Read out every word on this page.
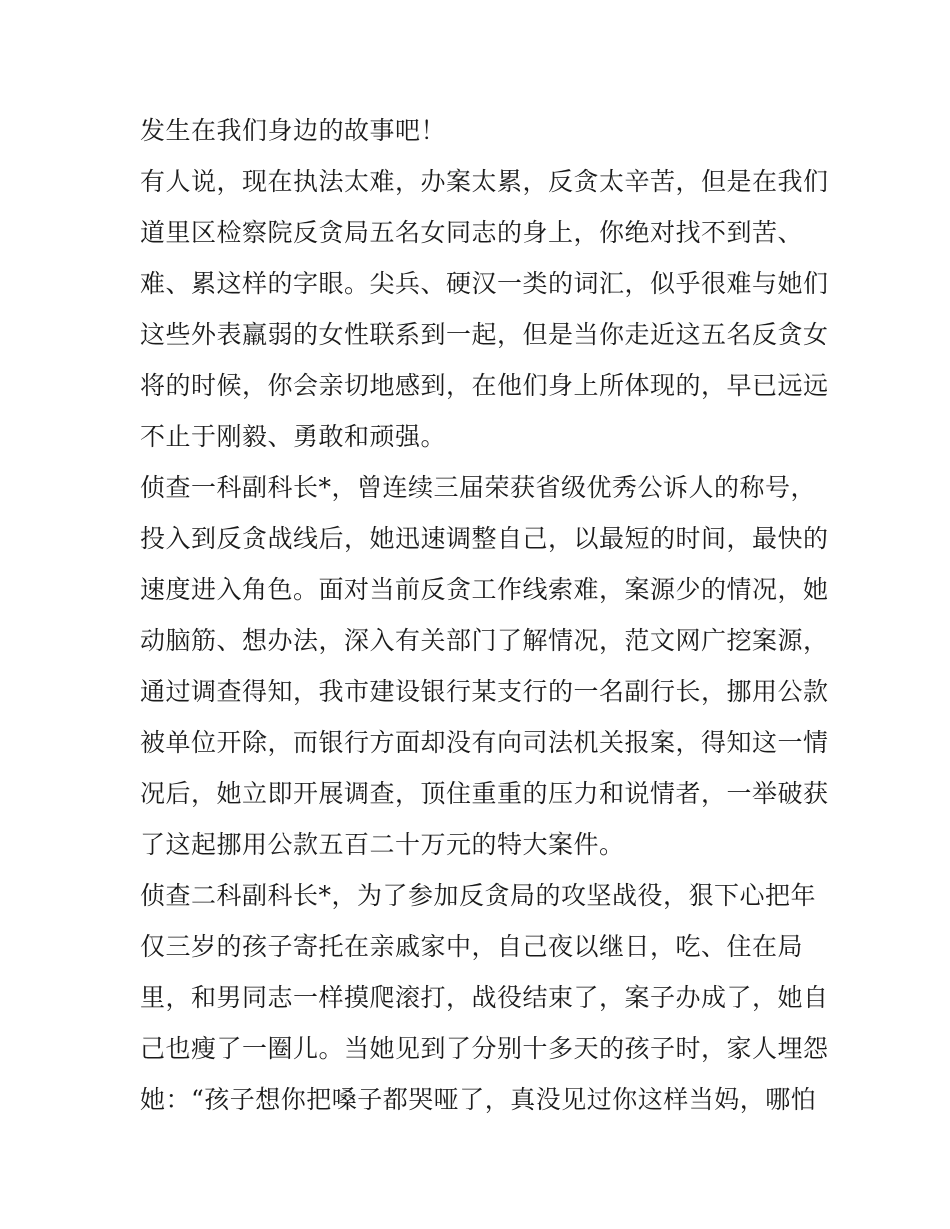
发生在我们身边的故事吧！
有人说，现在执法太难，办案太累，反贪太辛苦，但是在我们
道里区检察院反贪局五名女同志的身上，你绝对找不到苦、
难、累这样的字眼。尖兵、硬汉一类的词汇，似乎很难与她们
这些外表羸弱的女性联系到一起，但是当你走近这五名反贪女
将的时候，你会亲切地感到，在他们身上所体现的，早已远远
不止于刚毅、勇敢和顽强。
侦查一科副科长*，曾连续三届荣获省级优秀公诉人的称号，
投入到反贪战线后，她迅速调整自己，以最短的时间，最快的
速度进入角色。面对当前反贪工作线索难，案源少的情况，她
动脑筋、想办法，深入有关部门了解情况，范文网广挖案源，
通过调查得知，我市建设银行某支行的一名副行长，挪用公款
被单位开除，而银行方面却没有向司法机关报案，得知这一情
况后，她立即开展调查，顶住重重的压力和说情者，一举破获
了这起挪用公款五百二十万元的特大案件。
侦查二科副科长*，为了参加反贪局的攻坚战役，狠下心把年
仅三岁的孩子寄托在亲戚家中，自己夜以继日，吃、住在局
里，和男同志一样摸爬滚打，战役结束了，案子办成了，她自
己也瘦了一圈儿。当她见到了分别十多天的孩子时，家人埋怨
她：“孩子想你把嗓子都哭哑了，真没见过你这样当妈，哪怕
